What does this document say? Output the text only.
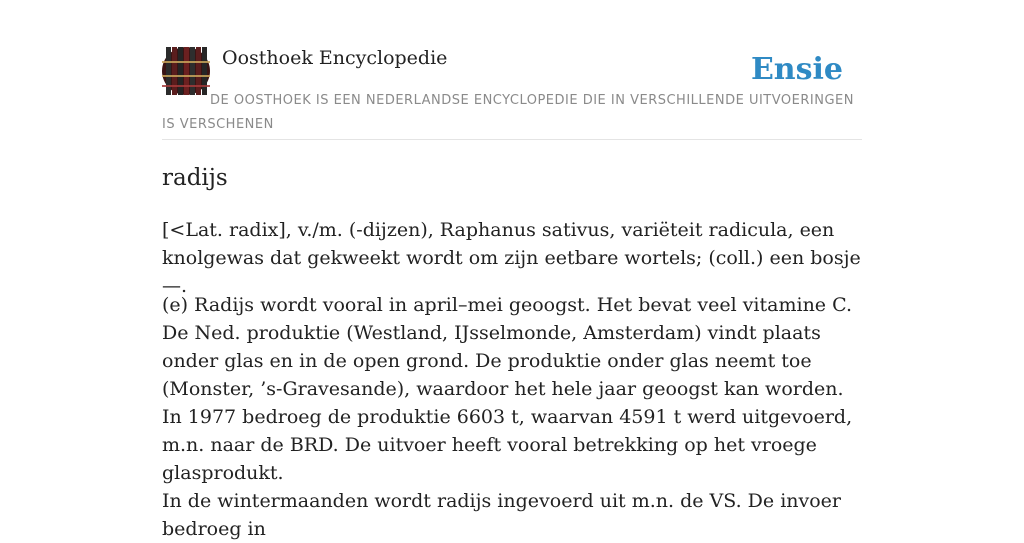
Oosthoek Encyclopedie	Ensie
DE OOSTHOEK IS EEN NEDERLANDSE ENCYCLOPEDIE DIE IN VERSCHILLENDE UITVOERINGEN IS VERSCHENEN
radijs

[<Lat. radix], v./m. (-dijzen), Raphanus sativus, variëteit radicula, een knolgewas dat gekweekt wordt om zijn eetbare wortels; (coll.) een bosje —.

(e) Radijs wordt vooral in april–mei geoogst. Het bevat veel vitamine C. De Ned. produktie (Westland, IJsselmonde, Amsterdam) vindt plaats onder glas en in de open grond. De produktie onder glas neemt toe (Monster, ’s-Gravesande), waardoor het hele jaar geoogst kan worden. In 1977 bedroeg de produktie 6603 t, waarvan 4591 t werd uitgevoerd, m.n. naar de BRD. De uitvoer heeft vooral betrekking op het vroege glasprodukt.

In de wintermaanden wordt radijs ingevoerd uit m.n. de VS. De invoer bedroeg in
